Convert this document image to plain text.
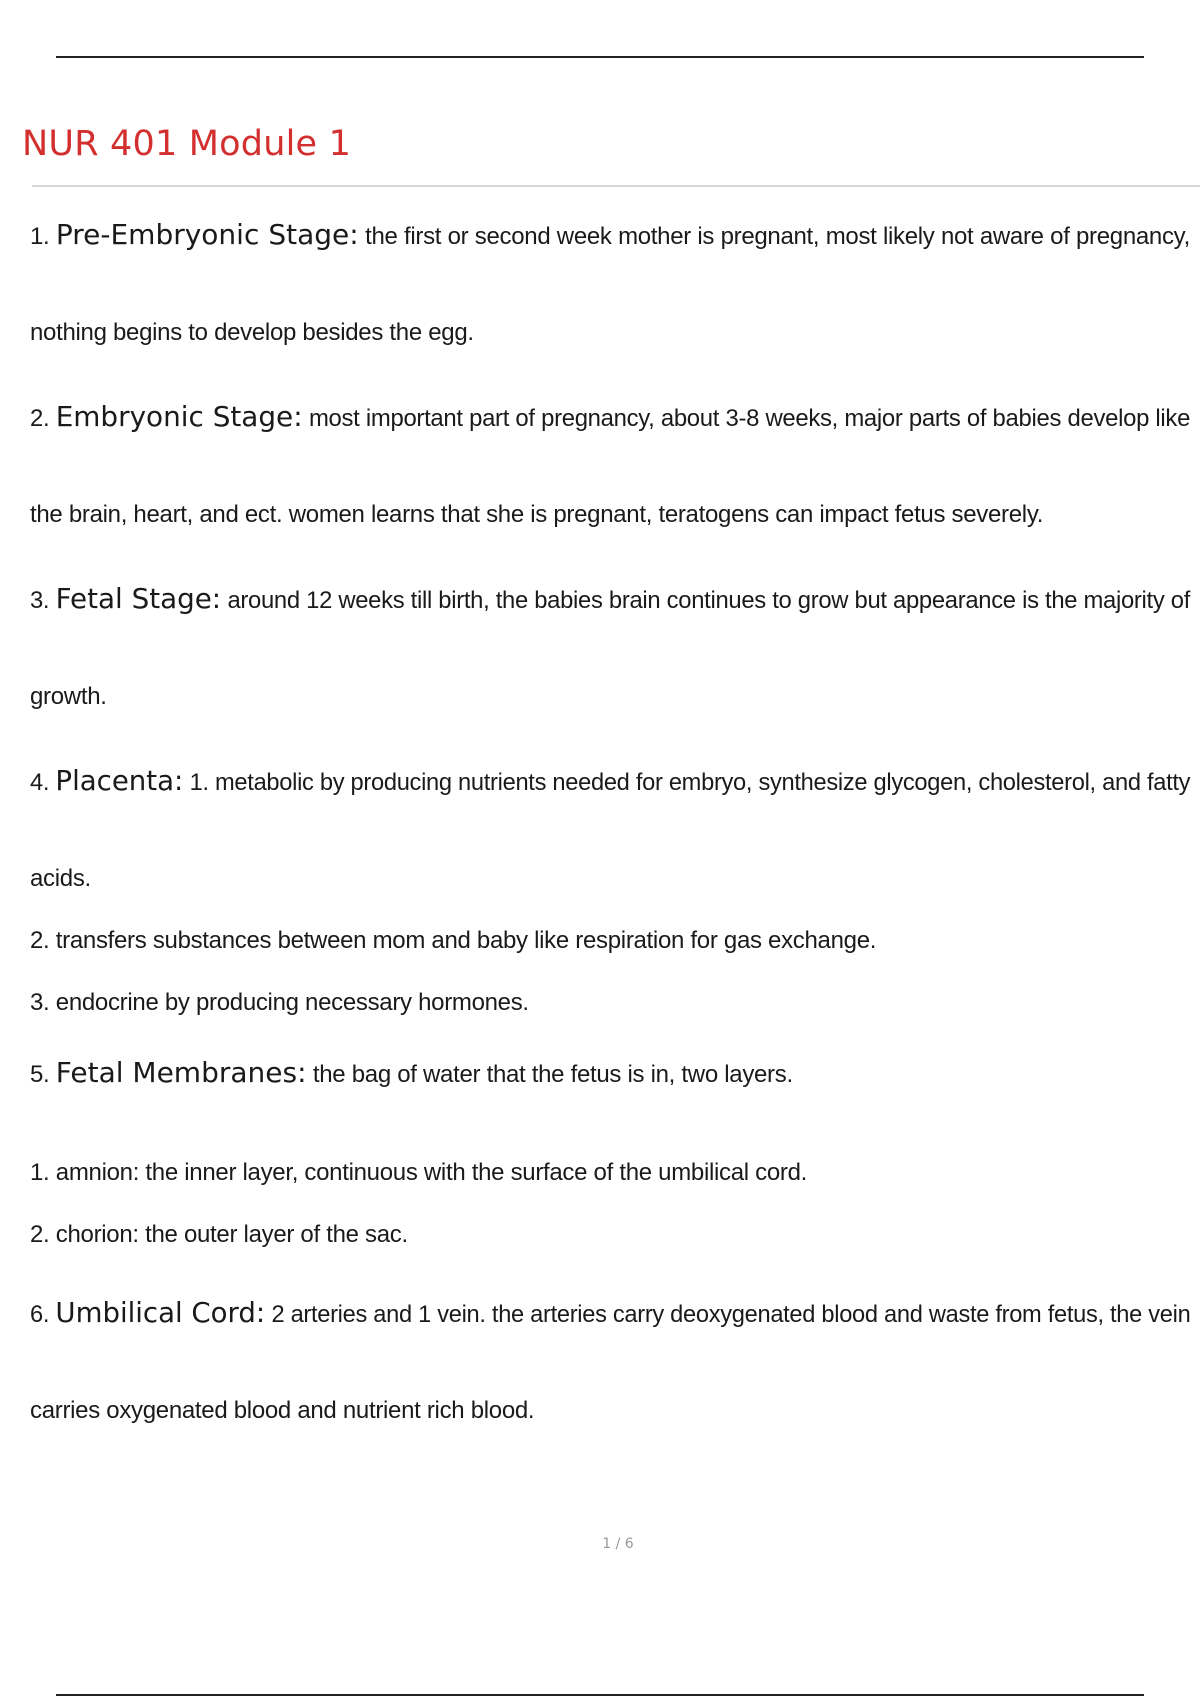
NUR 401 Module 1

1. Pre-Embryonic Stage: the first or second week mother is pregnant, most likely not aware of pregnancy,

nothing begins to develop besides the egg.

2. Embryonic Stage: most important part of pregnancy, about 3-8 weeks, major parts of babies develop like

the brain, heart, and ect. women learns that she is pregnant, teratogens can impact fetus severely.

3. Fetal Stage: around 12 weeks till birth, the babies brain continues to grow but appearance is the majority of

growth.

4. Placenta: 1. metabolic by producing nutrients needed for embryo, synthesize glycogen, cholesterol, and fatty

acids.

2. transfers substances between mom and baby like respiration for gas exchange.

3. endocrine by producing necessary hormones.

5. Fetal Membranes: the bag of water that the fetus is in, two layers.

1. amnion: the inner layer, continuous with the surface of the umbilical cord.

2. chorion: the outer layer of the sac.

6. Umbilical Cord: 2 arteries and 1 vein. the arteries carry deoxygenated blood and waste from fetus, the vein

carries oxygenated blood and nutrient rich blood.

1 / 6
